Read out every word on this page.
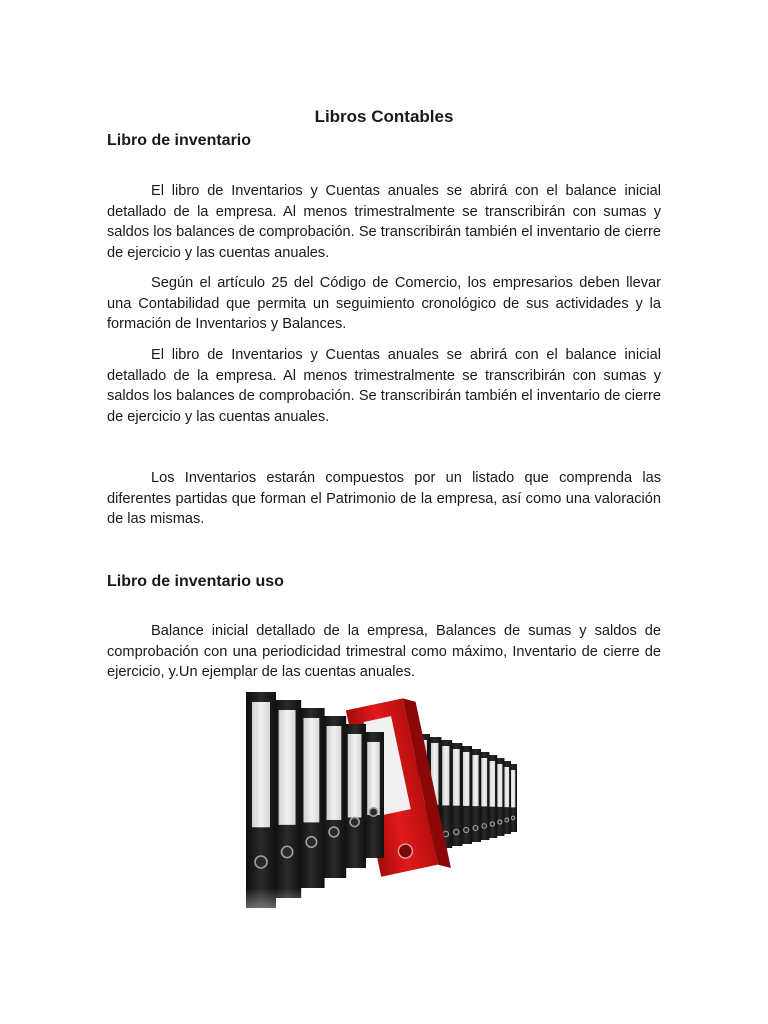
Libros Contables
Libro de inventario

El libro de Inventarios y Cuentas anuales se abrirá con el balance inicial detallado de la empresa. Al menos trimestralmente se transcribirán con sumas y saldos los balances de comprobación. Se transcribirán también el inventario de cierre de ejercicio y las cuentas anuales.

Según el artículo 25 del Código de Comercio, los empresarios deben llevar una Contabilidad que permita un seguimiento cronológico de sus actividades y la formación de Inventarios y Balances.

El libro de Inventarios y Cuentas anuales se abrirá con el balance inicial detallado de la empresa. Al menos trimestralmente se transcribirán con sumas y saldos los balances de comprobación. Se transcribirán también el inventario de cierre de ejercicio y las cuentas anuales.

Los Inventarios estarán compuestos por un listado que comprenda las diferentes partidas que forman el Patrimonio de la empresa, así como una valoración de las mismas.

Libro de inventario uso

Balance inicial detallado de la empresa, Balances de sumas y saldos de comprobación con una periodicidad trimestral como máximo, Inventario de cierre de ejercicio, y.Un ejemplar de las cuentas anuales.
